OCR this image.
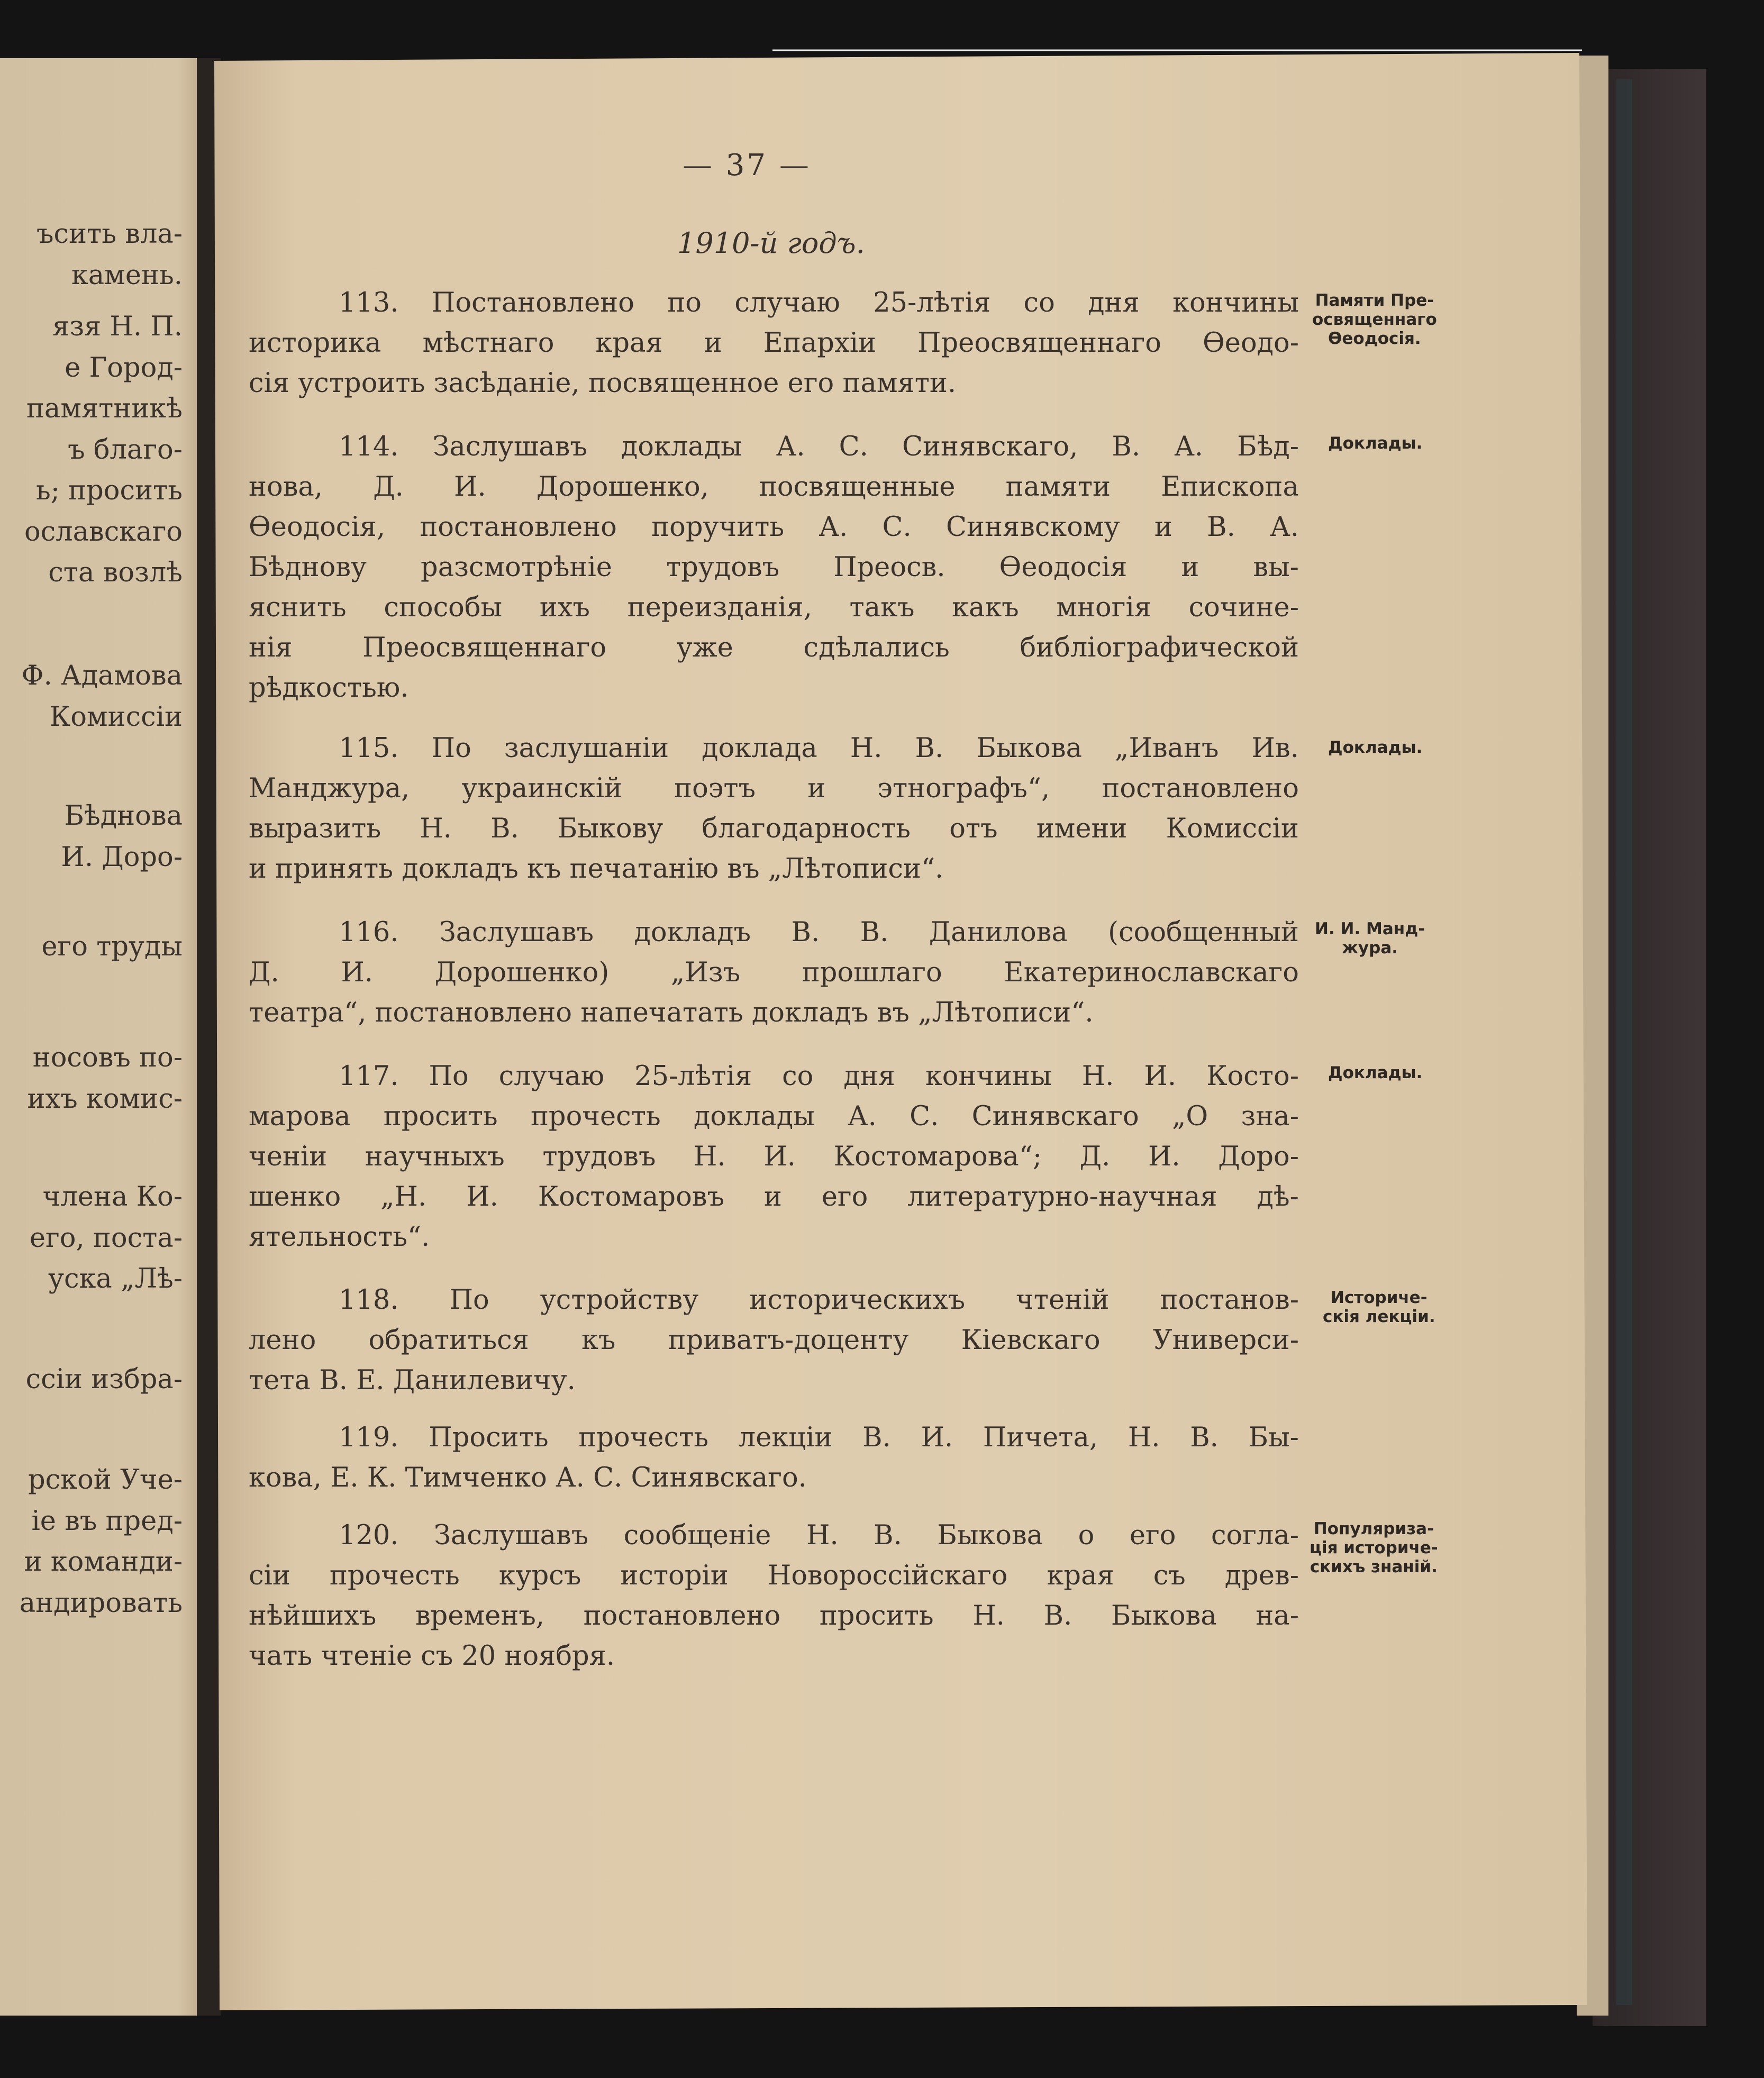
ъсить вла-

камень.

язя Н. П.

е Город-

памятникѣ

ъ благо-

ь; просить

ославскаго

ста возлѣ

Ф. Адамова

Комиссіи

Бѣднова

И. Доро-

его труды

носовъ по-

ихъ комис-

члена Ко-

его, поста-

уска „Лѣ-

ссіи избра-

рской Уче-

іе въ пред-

и команди-

андировать

— 37 —

1910-й годъ.

113. Постановлено по случаю 25-лѣтія со дня кончины
историка мѣстнаго края и Епархіи Преосвященнаго Ѳеодо-
сія устроить засѣданіе, посвященное его памяти.
Памяти Пре-
освященнаго
Ѳеодосія.
114. Заслушавъ доклады А. С. Синявскаго, В. А. Бѣд-
нова, Д. И. Дорошенко, посвященные памяти Епископа
Ѳеодосія, постановлено поручить А. С. Синявскому и В. А.
Бѣднову разсмотрѣніе трудовъ Преосв. Ѳеодосія и вы-
яснить способы ихъ переизданія, такъ какъ многія сочине-
нія	Преосвященнаго	уже	сдѣлались	библіографической
рѣдкостью.
Доклады.
115. По заслушаніи доклада Н. В. Быкова „Иванъ Ив.
Манджура, украинскій поэтъ и этнографъ“, постановлено
выразить Н. В. Быкову благодарность отъ имени Комиссіи
и принять докладъ къ печатанію въ „Лѣтописи“.
Доклады.
116. Заслушавъ докладъ В. В. Данилова (сообщенный
Д. И. Дорошенко) „Изъ прошлаго Екатеринославскаго
театра“, постановлено напечатать докладъ въ „Лѣтописи“.
И. И. Манд-
жура.
117. По случаю 25-лѣтія со дня кончины Н. И. Косто-
марова просить прочесть доклады А. С. Синявскаго „О зна-
ченіи научныхъ трудовъ Н. И. Костомарова“; Д. И. Доро-
шенко „Н. И. Костомаровъ и его литературно-научная дѣ-
ятельность“.
Доклады.
118. По устройству историческихъ чтеній постанов-
лено обратиться къ приватъ-доценту Кіевскаго Универси-
тета В. Е. Данилевичу.
Историче-
скія лекціи.
119. Просить прочесть лекціи В. И. Пичета, Н. В. Бы-
кова, Е. К. Тимченко А. С. Синявскаго.
120. Заслушавъ сообщеніе Н. В. Быкова о его согла-
сіи прочесть курсъ исторіи Новороссійскаго края съ древ-
нѣйшихъ временъ, постановлено просить Н. В. Быкова на-
чать чтеніе съ 20 ноября.
Популяриза-
ція историче-
скихъ знаній.
